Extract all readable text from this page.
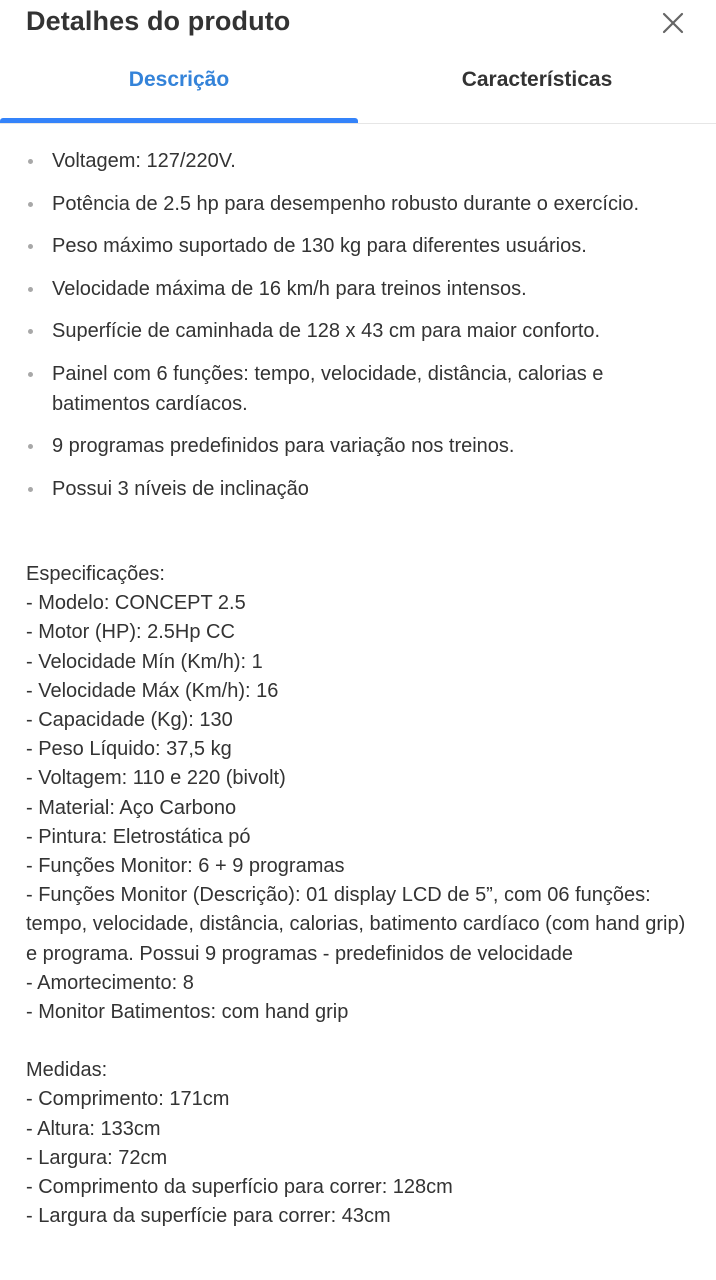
Detalhes do produto
Descrição	Características
Voltagem: 127/220V.
Potência de 2.5 hp para desempenho robusto durante o exercício.
Peso máximo suportado de 130 kg para diferentes usuários.
Velocidade máxima de 16 km/h para treinos intensos.
Superfície de caminhada de 128 x 43 cm para maior conforto.
Painel com 6 funções: tempo, velocidade, distância, calorias e batimentos cardíacos.
9 programas predefinidos para variação nos treinos.
Possui 3 níveis de inclinação
Especificações:
- Modelo: CONCEPT 2.5
- Motor (HP): 2.5Hp CC
- Velocidade Mín (Km/h): 1
- Velocidade Máx (Km/h): 16
- Capacidade (Kg): 130
- Peso Líquido: 37,5 kg
- Voltagem: 110 e 220 (bivolt)
- Material: Aço Carbono
- Pintura: Eletrostática pó
- Funções Monitor: 6 + 9 programas
- Funções Monitor (Descrição): 01 display LCD de 5”, com 06 funções: tempo, velocidade, distância, calorias, batimento cardíaco (com hand grip) e programa. Possui 9 programas - predefinidos de velocidade
- Amortecimento: 8
- Monitor Batimentos: com hand grip
Medidas:
- Comprimento: 171cm
- Altura: 133cm
- Largura: 72cm
- Comprimento da superfício para correr: 128cm
- Largura da superfície para correr: 43cm
